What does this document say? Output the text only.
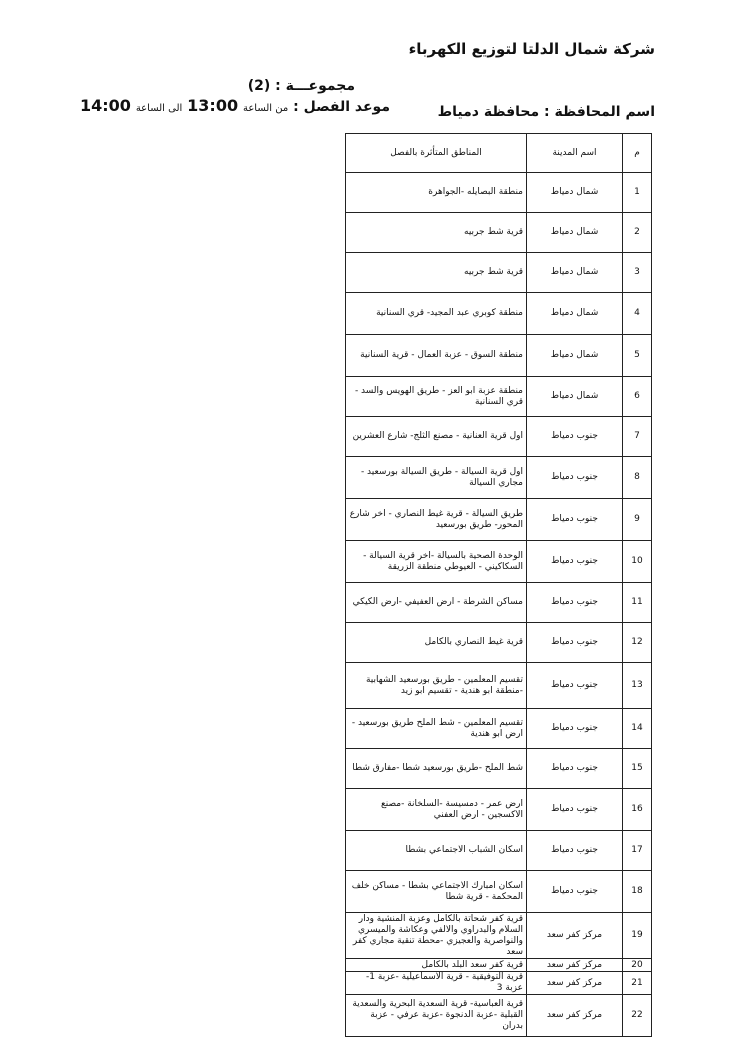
شركة شمال الدلتا لتوزيع الكهرباء
مجموعـــة : (2)
موعد الفصل : من الساعة 13:00 الى الساعة 14:00	اسم المحافظة : محافظة دمياط
م	اسم المدينة	المناطق المتأثرة بالفصل
1	شمال دمياط	منطقة البصايله -الجواهرة
2	شمال دمياط	قرية شط جربيه
3	شمال دمياط	قرية شط جربيه
4	شمال دمياط	منطقة كوبري عبد المجيد- قري السنانية
5	شمال دمياط	منطقة السوق - عزبة العمال - قرية السنانية
6	شمال دمياط	منطقة عزبة ابو العز - طريق الهويس والسد - قري السنانية
7	جنوب دمياط	اول قرية العنانية - مصنع الثلج- شارع العشرين
8	جنوب دمياط	اول قرية السيالة - طريق السيالة بورسعيد - مجاري السيالة
9	جنوب دمياط	طريق السيالة - قرية غيط النصاري - اخر شارع المحور- طريق بورسعيد
10	جنوب دمياط	الوحدة الصحية بالسيالة -اخر قرية السيالة - السكاكيني - العيوطي منطقة الزريقة
11	جنوب دمياط	مساكن الشرطة - ارض العفيفي -ارض الكيكي
12	جنوب دمياط	قرية غيط النصاري بالكامل
13	جنوب دمياط	تقسيم المعلمين - طريق بورسعيد الشهابية -منطقة ابو هندية - تقسيم ابو زيد
14	جنوب دمياط	تقسيم المعلمين - شط الملح طريق بورسعيد - ارض ابو هندية
15	جنوب دمياط	شط الملح -طريق بورسعيد شطا -مفارق شطا
16	جنوب دمياط	ارض عمر - دمسيسة -السلخانة -مصنع الاكسجين - ارض العفني
17	جنوب دمياط	اسكان الشباب الاجتماعي بشطا
18	جنوب دمياط	اسكان امبارك الاجتماعي بشطا - مساكن خلف المحكمة - قرية شطا
19	مركز كفر سعد	قرية كفر شحاتة بالكامل وعزبة المنشية ودار السلام والبدراوي والالفي وعكاشة والميسري والنواصرية والعجيزي -محطة تنقية مجاري كفر سعد
20	مركز كفر سعد	قرية كفر سعد البلد بالكامل
21	مركز كفر سعد	قرية التوفيقية - قرية الاسماعيلية -عزبة 1- عزبة 3
22	مركز كفر سعد	قرية العباسية- قرية السعدية البحرية والسعدية القبلية -عزبة الدنجوة -عزبة عرفي - عزبة بدران
